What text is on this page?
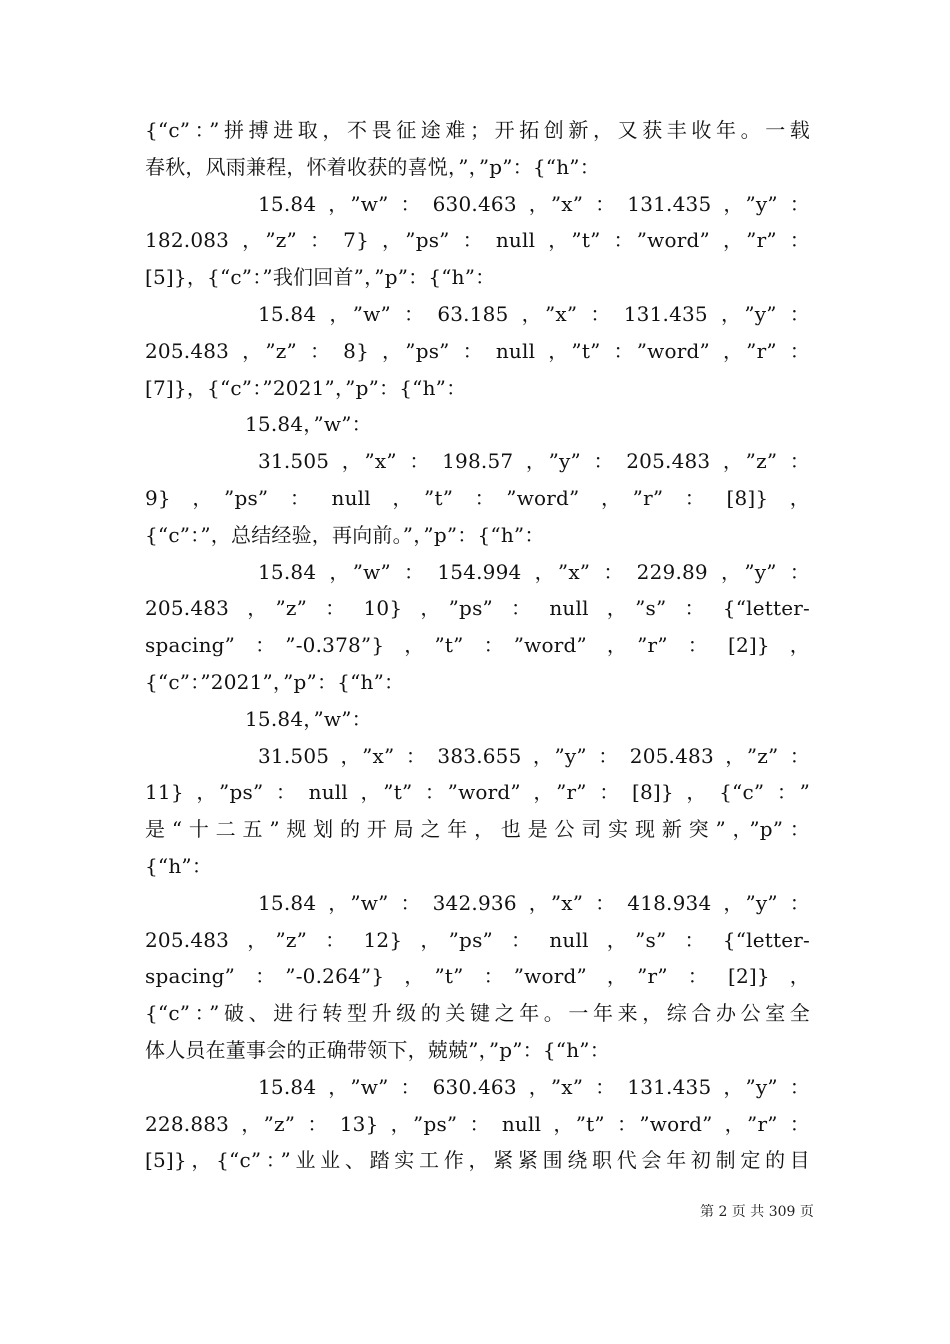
{“c”：”拼搏进取，不畏征途难；开拓创新，又获丰收年。一载
春秋，风雨兼程，怀着收获的喜悦，”，”p”：{“h”：
15.84，”w”：630.463，”x”：131.435，”y”：
182.083，”z”：7}，”ps”：null，”t”：”word”，”r”：
[5]}，{“c”：”我们回首”，”p”：{“h”：
15.84，”w”：63.185，”x”：131.435，”y”：
205.483，”z”：8}，”ps”：null，”t”：”word”，”r”：
[7]}，{“c”：”2021”，”p”：{“h”：
15.84，”w”：
31.505，”x”：198.57，”y”：205.483，”z”：
9}，”ps”：null，”t”：”word”，”r”：[8]}，
{“c”：”，总结经验，再向前。”，”p”：{“h”：
15.84，”w”：154.994，”x”：229.89，”y”：
205.483，”z”：10}，”ps”：null，”s”：{“letter-
spacing”：”-0.378”}，”t”：”word”，”r”：[2]}，
{“c”：”2021”，”p”：{“h”：
15.84，”w”：
31.505，”x”：383.655，”y”：205.483，”z”：
11}，”ps”：null，”t”：”word”，”r”：[8]}，{“c”：”
是“十二五”规划的开局之年，也是公司实现新突”，”p”：
{“h”：
15.84，”w”：342.936，”x”：418.934，”y”：
205.483，”z”：12}，”ps”：null，”s”：{“letter-
spacing”：”-0.264”}，”t”：”word”，”r”：[2]}，
{“c”：”破、进行转型升级的关键之年。一年来，综合办公室全
体人员在董事会的正确带领下，兢兢”，”p”：{“h”：
15.84，”w”：630.463，”x”：131.435，”y”：
228.883，”z”：13}，”ps”：null，”t”：”word”，”r”：
[5]}，{“c”：”业业、踏实工作，紧紧围绕职代会年初制定的目
第 2 页 共 309 页
